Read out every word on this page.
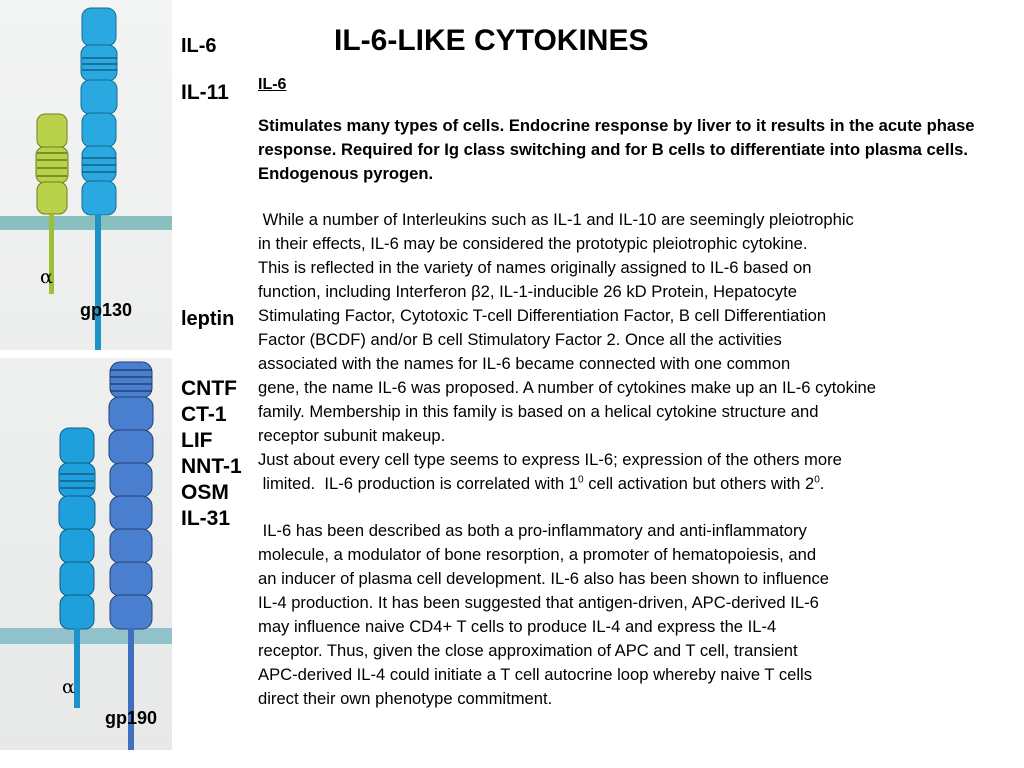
α
gp130
α
gp190
IL-6
IL-11
leptin
CNTF
CT-1
LIF
NNT-1
OSM
IL-31
IL-6-LIKE CYTOKINES
IL-6

Stimulates many types of cells. Endocrine response by liver to it results in the acute phase response. Required for Ig class switching and for B cells to differentiate into plasma cells. Endogenous pyrogen.

While a number of Interleukins such as IL-1 and IL-10 are seemingly pleiotrophic
in their effects, IL-6 may be considered the prototypic pleiotrophic cytokine.
This is reflected in the variety of names originally assigned to IL-6 based on
function, including Interferon β2, IL-1-inducible 26 kD Protein, Hepatocyte
Stimulating Factor, Cytotoxic T-cell Differentiation Factor, B cell Differentiation
Factor (BCDF) and/or B cell Stimulatory Factor 2. Once all the activities
associated with the names for IL-6 became connected with one common
gene, the name IL-6 was proposed. A number of cytokines make up an IL-6 cytokine
family. Membership in this family is based on a helical cytokine structure and
receptor subunit makeup.
Just about every cell type seems to express IL-6; expression of the others more
limited.  IL-6 production is correlated with $1^0$ cell activation but others with $2^0$.
IL-6 has been described as both a pro-inflammatory and anti-inflammatory
molecule, a modulator of bone resorption, a promoter of hematopoiesis, and
an inducer of plasma cell development. IL-6 also has been shown to influence
IL-4 production. It has been suggested that antigen-driven, APC-derived IL-6
may influence naive CD4+ T cells to produce IL-4 and express the IL-4
receptor. Thus, given the close approximation of APC and T cell, transient
APC-derived IL-4 could initiate a T cell autocrine loop whereby naive T cells
direct their own phenotype commitment.
